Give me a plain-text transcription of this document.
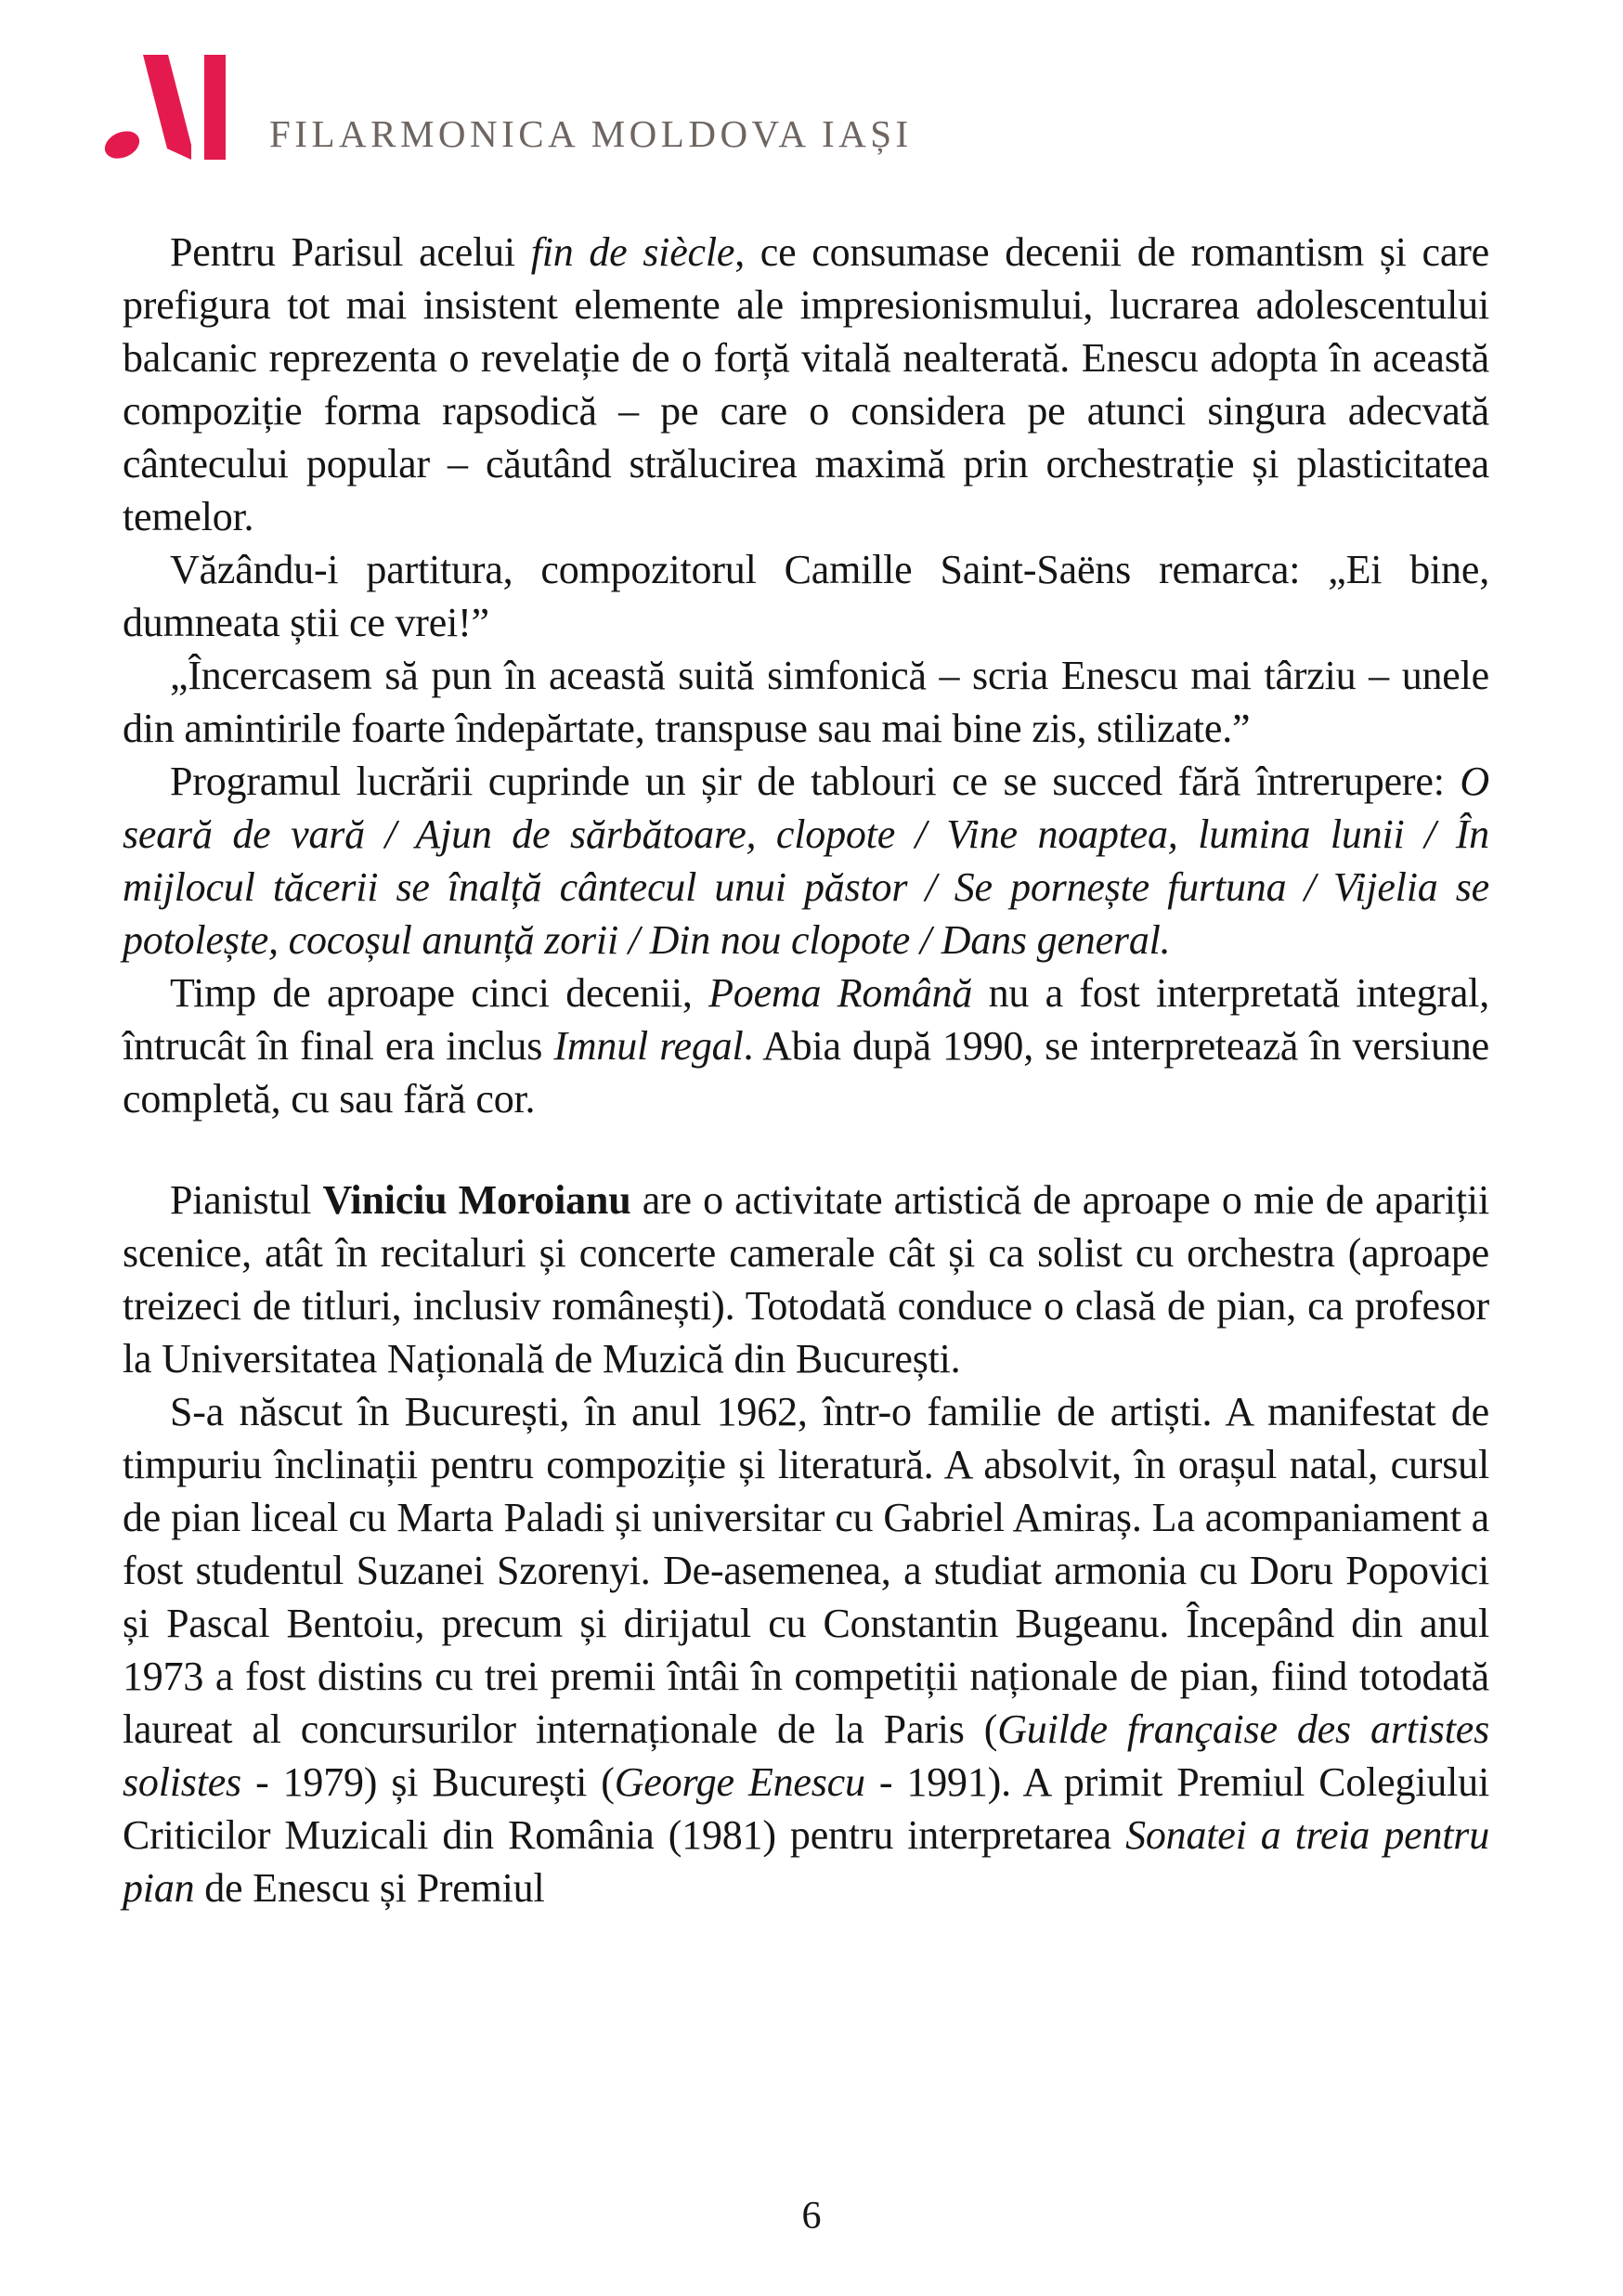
FILARMONICA MOLDOVA IAȘI

Pentru Parisul acelui fin de siècle, ce consumase decenii de romantism și care prefigura tot mai insistent elemente ale impresionismului, lucrarea adolescentului balcanic reprezenta o revelație de o forță vitală nealterată. Enescu adopta în această compoziție forma rapsodică – pe care o considera pe atunci singura adecvată cântecului popular – căutând strălucirea maximă prin orchestrație și plasticitatea temelor.

Văzându-i partitura, compozitorul Camille Saint-Saëns remarca: „Ei bine, dumneata știi ce vrei!”

„Încercasem să pun în această suită simfonică – scria Enescu mai târziu – unele din amintirile foarte îndepărtate, transpuse sau mai bine zis, stilizate.”

Programul lucrării cuprinde un șir de tablouri ce se succed fără întrerupere: O seară de vară / Ajun de sărbătoare, clopote / Vine noaptea, lumina lunii / În mijlocul tăcerii se înalță cântecul unui păstor / Se pornește furtuna / Vijelia se potolește, cocoșul anunță zorii / Din nou clopote / Dans general.

Timp de aproape cinci decenii, Poema Română nu a fost interpretată integral, întrucât în final era inclus Imnul regal. Abia după 1990, se interpretează în versiune completă, cu sau fără cor.

Pianistul Viniciu Moroianu are o activitate artistică de aproape o mie de apariții scenice, atât în recitaluri și concerte camerale cât și ca solist cu orchestra (aproape treizeci de titluri, inclusiv românești). Totodată conduce o clasă de pian, ca profesor la Universitatea Națională de Muzică din București.

S-a născut în București, în anul 1962, într-o familie de artiști. A manifestat de timpuriu înclinații pentru compoziție și literatură. A absolvit, în orașul natal, cursul de pian liceal cu Marta Paladi și universitar cu Gabriel Amiraș. La acompaniament a fost studentul Suzanei Szorenyi. De-asemenea, a studiat armonia cu Doru Popovici și Pascal Bentoiu, precum și dirijatul cu Constantin Bugeanu. Începând din anul 1973 a fost distins cu trei premii întâi în competiții naționale de pian, fiind totodată laureat al concursurilor internaționale de la Paris (Guilde française des artistes solistes - 1979) și București (George Enescu - 1991). A primit Premiul Colegiului Criticilor Muzicali din România (1981) pentru interpretarea Sonatei a treia pentru pian de Enescu și Premiul

6
